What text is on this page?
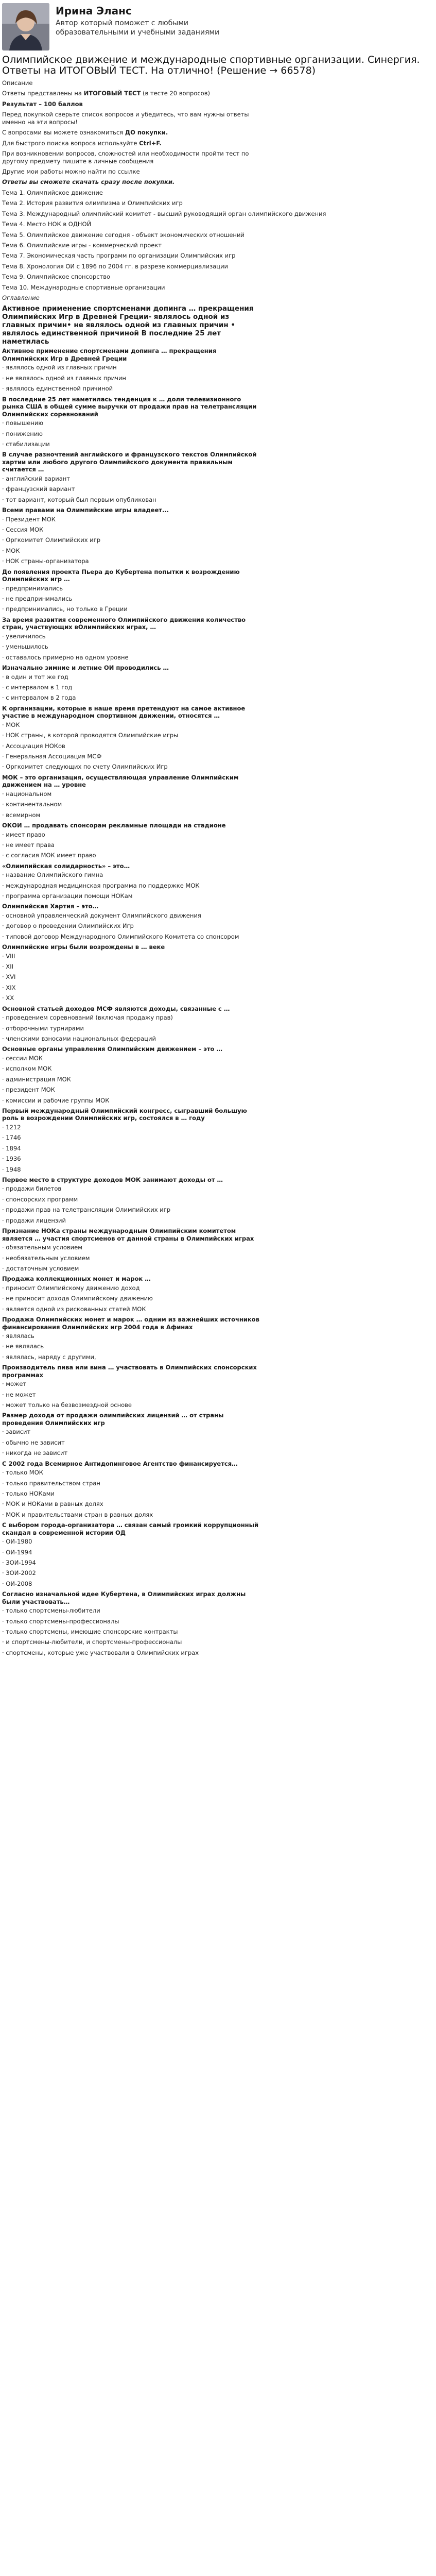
Ирина Эланс
Автор который поможет с любыми образовательными и учебными заданиями
Олимпийское движение и международные спортивные организации. Синергия. Ответы на ИТОГОВЫЙ ТЕСТ. На отлично! (Решение → 66578)
Описание
Ответы представлены на ИТОГОВЫЙ ТЕСТ (в тесте 20 вопросов)
Результат – 100 баллов
Перед покупкой сверьте список вопросов и убедитесь, что вам нужны ответы
именно на эти вопросы!
С вопросами вы можете ознакомиться ДО покупки.
Для быстрого поиска вопроса используйте Ctrl+F.
При возникновении вопросов, сложностей или необходимости пройти тест по
другому предмету пишите в личные сообщения
Другие мои работы можно найти по ссылке
Ответы вы сможете скачать сразу после покупки.
Тема 1. Олимпийское движение
Тема 2. История развития олимпизма и Олимпийских игр
Тема 3. Международный олимпийский комитет - высший руководящий орган олимпийского движения
Тема 4. Место НОК в ОДНОЙ
Тема 5. Олимпийское движение сегодня - объект экономических отношений
Тема 6. Олимпийские игры - коммерческий проект
Тема 7. Экономическая часть программ по организации Олимпийских игр
Тема 8. Хронология ОИ с 1896 по 2004 гг. в разрезе коммерциализации
Тема 9. Олимпийское спонсорство
Тема 10. Международные спортивные организации
Оглавление
Активное применение спортсменами допинга … прекращения
Олимпийских Игр в Древней Греции- являлось одной из
главных причин• не являлось одной из главных причин •
являлось единственной причиной В последние 25 лет
наметилась
Активное применение спортсменами допинга … прекращения
Олимпийских Игр в Древней Греции
· являлось одной из главных причин
· не являлось одной из главных причин
· являлось единственной причиной
В последние 25 лет наметилась тенденция к … доли телевизионного
рынка США в общей сумме выручки от продажи прав на телетрансляции
Олимпийских соревнований
· повышению
· понижению
· стабилизации
В случае разночтений английского и французского текстов Олимпийской
хартии или любого другого Олимпийского документа правильным
считается …
· английский вариант
· французский вариант
· тот вариант, который был первым опубликован
Всеми правами на Олимпийские игры владеет...
· Президент МОК
· Сессия МОК
· Оргкомитет Олимпийских игр
· МОК
· НОК страны-организатора
До появления проекта Пьера до Кубертена попытки к возрождению
Олимпийских игр …
· предпринимались
· не предпринимались
· предпринимались, но только в Греции
За время развития современного Олимпийского движения количество
стран, участвующих вОлимпийских играх, …
· увеличилось
· уменьшилось
· оставалось примерно на одном уровне
Изначально зимние и летние ОИ проводились …
· в один и тот же год
· с интервалом в 1 год
· с интервалом в 2 года
К организации, которые в наше время претендуют на самое активное
участие в международном спортивном движении, относятся …
· МОК
· НОК страны, в которой проводятся Олимпийские игры
· Ассоциация НОКов
· Генеральная Ассоциация МСФ
· Оргкомитет следующих по счету Олимпийских Игр
МОК – это организация, осуществляющая управление Олимпийским
движением на … уровне
· национальном
· континентальном
· всемирном
ОКОИ … продавать спонсорам рекламные площади на стадионе
· имеет право
· не имеет права
· с согласия МОК имеет право
«Олимпийская солидарность» – это…
· название Олимпийского гимна
· международная медицинская программа по поддержке МОК
· программа организации помощи НОКам
Олимпийская Хартия – это…
· основной управленческий документ Олимпийского движения
· договор о проведении Олимпийских Игр
· типовой договор Международного Олимпийского Комитета со спонсором
Олимпийские игры были возрождены в … веке
· VIII
· XII
· XVI
· XIX
· XX
Основной статьей доходов МСФ являются доходы, связанные с …
· проведением соревнований (включая продажу прав)
· отборочными турнирами
· членскими взносами национальных федераций
Основные органы управления Олимпийским движением – это …
· сессии МОК
· исполком МОК
· администрация МОК
· президент МОК
· комиссии и рабочие группы МОК
Первый международный Олимпийский конгресс, сыгравший большую
роль в возрождении Олимпийских игр, состоялся в … году
· 1212
· 1746
· 1894
· 1936
· 1948
Первое место в структуре доходов МОК занимают доходы от …
· продажи билетов
· спонсорских программ
· продажи прав на телетрансляции Олимпийских игр
· продажи лицензий
Признание НОКа страны международным Олимпийским комитетом
является … участия спортсменов от данной страны в Олимпийских играх
· обязательным условием
· необязательным условием
· достаточным условием
Продажа коллекционных монет и марок …
· приносит Олимпийскому движению доход
· не приносит дохода Олимпийскому движению
· является одной из рискованных статей МОК
Продажа Олимпийских монет и марок … одним из важнейших источников
финансирования Олимпийских игр 2004 года в Афинах
· являлась
· не являлась
· являлась, наряду с другими,
Производитель пива или вина … участвовать в Олимпийских спонсорских
программах
· может
· не может
· может только на безвозмездной основе
Размер дохода от продажи олимпийских лицензий … от страны
проведения Олимпийских игр
· зависит
· обычно не зависит
· никогда не зависит
С 2002 года Всемирное Антидопинговое Агентство финансируется…
· только МОК
· только правительством стран
· только НОКами
· МОК и НОКами в равных долях
· МОК и правительствами стран в равных долях
С выбором города-организатора … связан самый громкий коррупционный
скандал в современной истории ОД
· ОИ-1980
· ОИ-1994
· ЗОИ-1994
· ЗОИ-2002
· ОИ-2008
Согласно изначальной идее Кубертена, в Олимпийских играх должны
были участвовать…
· только спортсмены-любители
· только спортсмены-профессионалы
· только спортсмены, имеющие спонсорские контракты
· и спортсмены-любители, и спортсмены-профессионалы
· спортсмены, которые уже участвовали в Олимпийских играх
